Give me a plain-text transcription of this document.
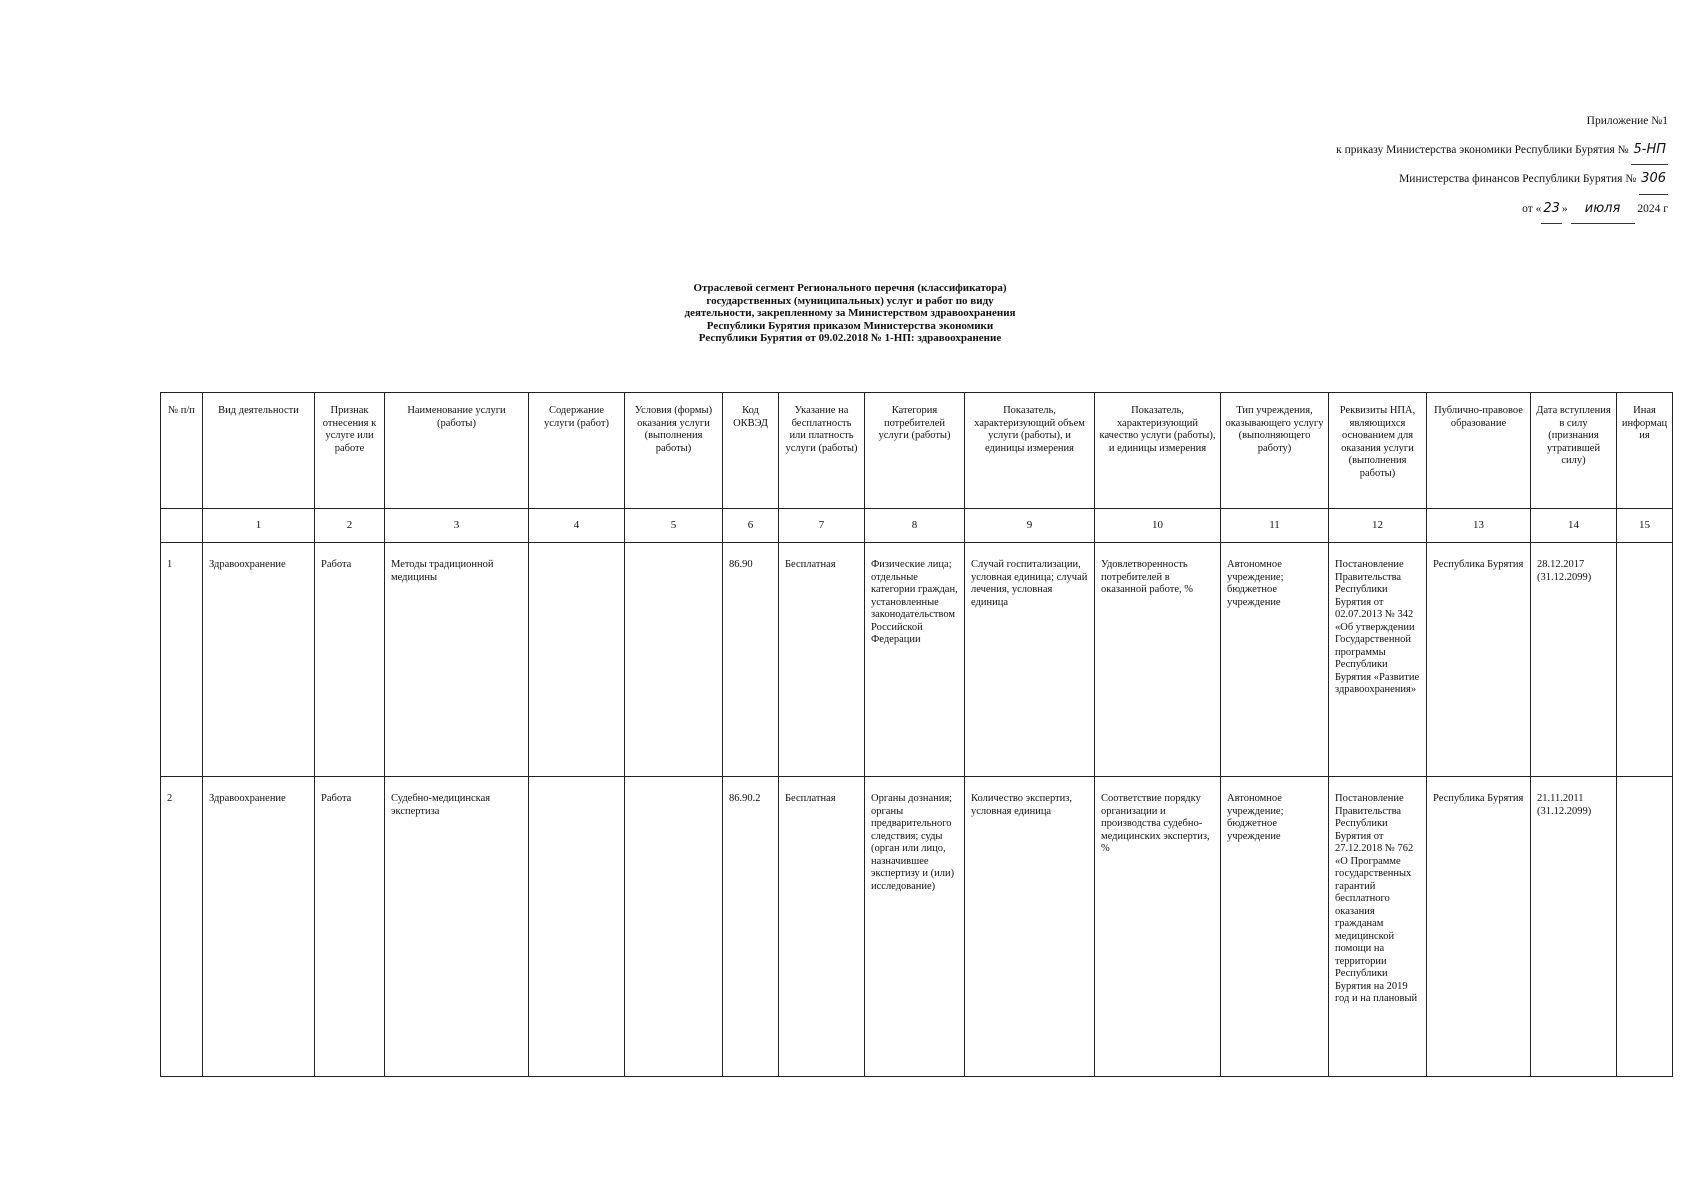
Приложение №1
к приказу Министерства экономики Республики Бурятия № 5-НП
Министерства финансов Республики Бурятия № 306
от « 23 » июля 2024 г
Отраслевой сегмент Регионального перечня (классификатора)
государственных (муниципальных) услуг и работ по виду
деятельности, закрепленному за Министерством здравоохранения
Республики Бурятия приказом Министерства экономики
Республики Бурятия от 09.02.2018 № 1-НП: здравоохранение
№ п/п	Вид деятельности	Признак отнесения к услуге или работе	Наименование услуги (работы)	Содержание услуги (работ)	Условия (формы) оказания услуги (выполнения работы)	Код ОКВЭД	Указание на бесплатность или платность услуги (работы)	Категория потребителей услуги (работы)	Показатель, характеризующий объем услуги (работы), и единицы измерения	Показатель, характеризующий качество услуги (работы), и единицы измерения	Тип учреждения, оказывающего услугу (выполняющего работу)	Реквизиты НПА, являющихся основанием для оказания услуги (выполнения работы)	Публично-правовое образование	Дата вступления в силу (признания утратившей силу)	Иная информация
	1	2	3	4	5	6	7	8	9	10	11	12	13	14	15
1	Здравоохранение	Работа	Методы традиционной медицины			86.90	Бесплатная	Физические лица; отдельные категории граждан, установленные законодательством Российской Федерации	Случай госпитализации, условная единица; случай лечения, условная единица	Удовлетворенность потребителей в оказанной работе, %	Автономное учреждение; бюджетное учреждение	Постановление Правительства Республики Бурятия от 02.07.2013 № 342 «Об утверждении Государственной программы Республики Бурятия «Развитие здравоохранения»	Республика Бурятия	28.12.2017 (31.12.2099)	
2	Здравоохранение	Работа	Судебно-медицинская экспертиза			86.90.2	Бесплатная	Органы дознания; органы предварительного следствия; суды (орган или лицо, назначившее экспертизу и (или) исследование)	Количество экспертиз, условная единица	Соответствие порядку организации и производства судебно-медицинских экспертиз, %	Автономное учреждение; бюджетное учреждение	Постановление Правительства Республики Бурятия от 27.12.2018 № 762 «О Программе государственных гарантий бесплатного оказания гражданам медицинской помощи на территории Республики Бурятия на 2019 год и на плановый	Республика Бурятия	21.11.2011 (31.12.2099)	
